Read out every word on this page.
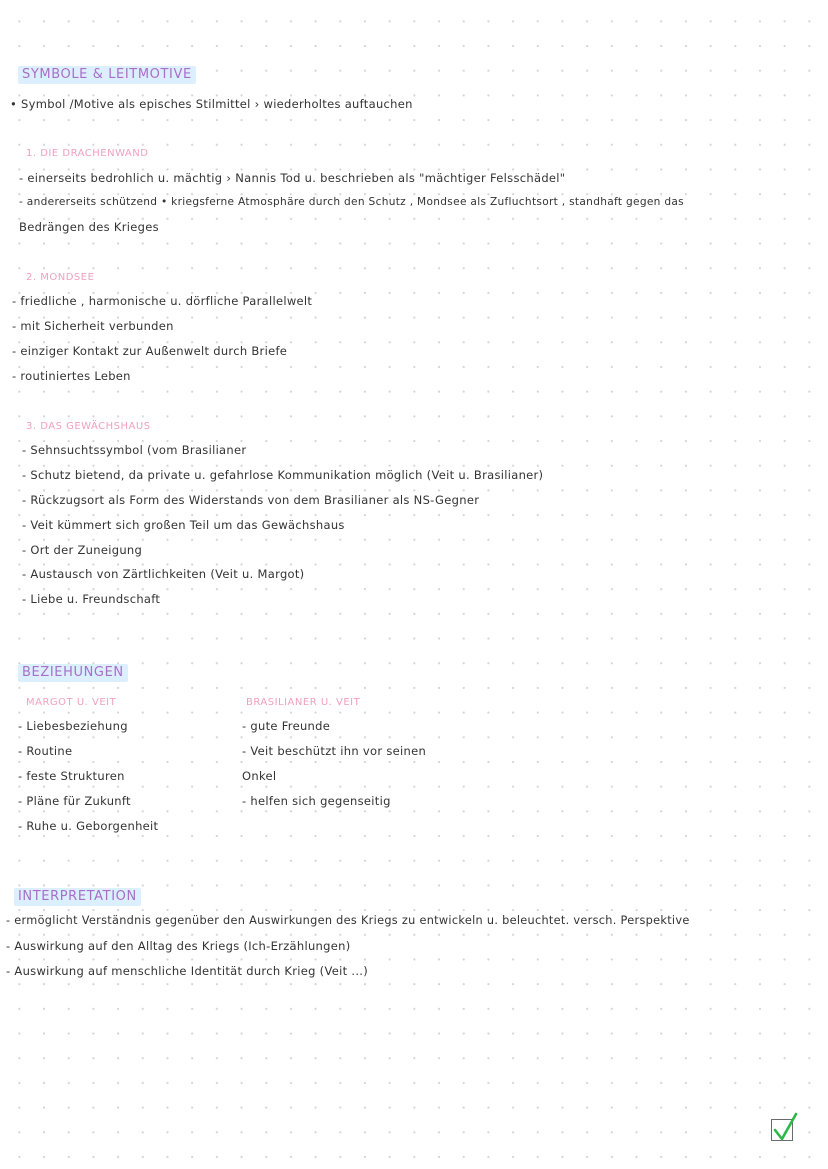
SYMBOLE & LEITMOTIVE
• Symbol /Motive als episches Stilmittel › wiederholtes auftauchen
1. DIE DRACHENWAND
- einerseits bedrohlich u. mächtig › Nannis Tod u. beschrieben als "mächtiger Felsschädel"
- andererseits schützend • kriegsferne Atmosphäre durch den Schutz , Mondsee als Zufluchtsort , standhaft gegen das
Bedrängen des Krieges
2. MONDSEE
- friedliche , harmonische u. dörfliche Parallelwelt
- mit Sicherheit verbunden
- einziger Kontakt zur Außenwelt durch Briefe
- routiniertes Leben
3. DAS GEWÄCHSHAUS
- Sehnsuchtssymbol (vom Brasilianer
- Schutz bietend, da private u. gefahrlose Kommunikation möglich (Veit u. Brasilianer)
- Rückzugsort als Form des Widerstands von dem Brasilianer als NS-Gegner
- Veit kümmert sich großen Teil um das Gewächshaus
- Ort der Zuneigung
- Austausch von Zärtlichkeiten (Veit u. Margot)
- Liebe u. Freundschaft
BEZIEHUNGEN
MARGOT U. VEIT
- Liebesbeziehung
- Routine
- feste Strukturen
- Pläne für Zukunft
- Ruhe u. Geborgenheit
BRASILIANER U. VEIT
- gute Freunde
- Veit beschützt ihn vor seinen
Onkel
- helfen sich gegenseitig
INTERPRETATION
- ermöglicht Verständnis gegenüber den Auswirkungen des Kriegs zu entwickeln u. beleuchtet. versch. Perspektive
- Auswirkung auf den Alltag des Kriegs (Ich-Erzählungen)
- Auswirkung auf menschliche Identität durch Krieg (Veit ...)
